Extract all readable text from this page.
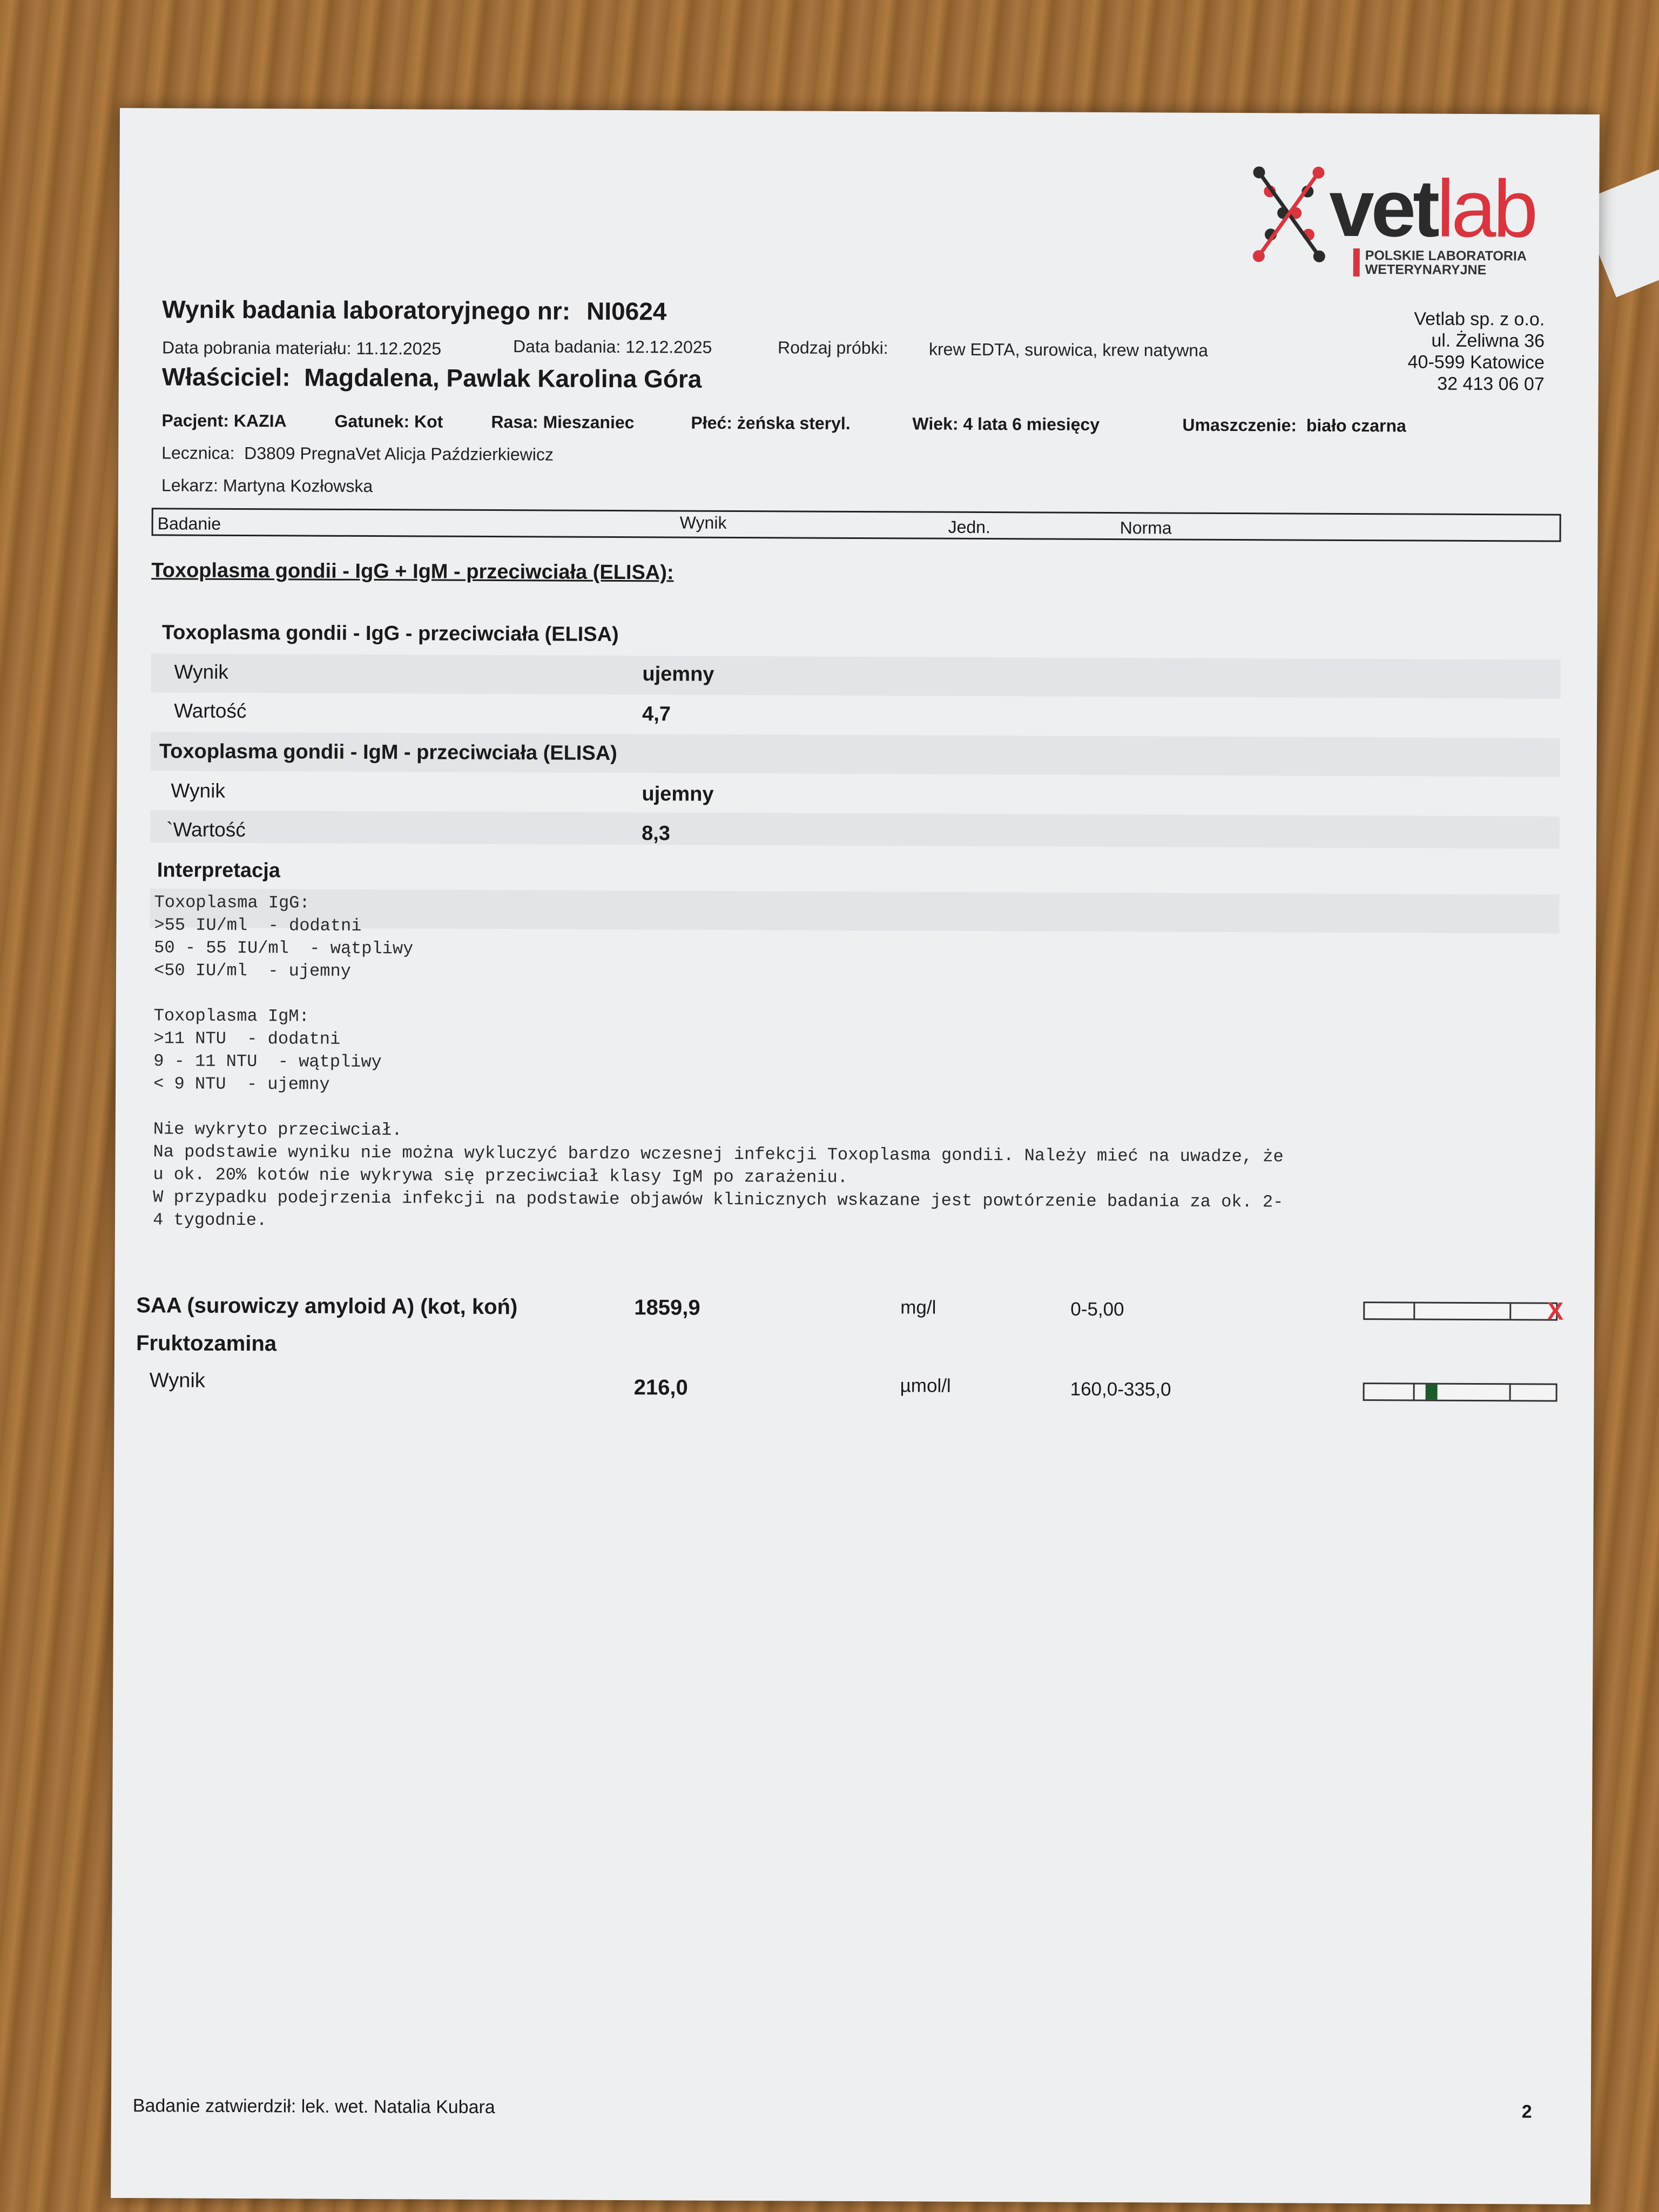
vetlab
POLSKIE LABORATORIA
WETERYNARYJNE
Vetlab sp. z o.o.
ul. Żeliwna 36
40-599 Katowice
32 413 06 07
Wynik badania laboratoryjnego nr: NI0624
Data pobrania materiału: 11.12.2025	Data badania: 12.12.2025	Rodzaj próbki: krew EDTA, surowica, krew natywna
Właściciel: Magdalena, Pawlak Karolina Góra
Pacjent: KAZIA	Gatunek: Kot	Rasa: Mieszaniec	Płeć: żeńska steryl.	Wiek: 4 lata 6 miesięcy	Umaszczenie: biało czarna
Lecznica: D3809 PregnaVet Alicja Paździerkiewicz
Lekarz: Martyna Kozłowska
Badanie	Wynik	Jedn.	Norma
Toxoplasma gondii - IgG + IgM - przeciwciała (ELISA):
Toxoplasma gondii - IgG - przeciwciała (ELISA)
Wynik	ujemny
Wartość	4,7
Toxoplasma gondii - IgM - przeciwciała (ELISA)
Wynik	ujemny
`Wartość	8,3
Interpretacja
Toxoplasma IgG:
>55 IU/ml  - dodatni
50 - 55 IU/ml  - wątpliwy
<50 IU/ml  - ujemny

Toxoplasma IgM:
>11 NTU  - dodatni
9 - 11 NTU  - wątpliwy
< 9 NTU  - ujemny

Nie wykryto przeciwciał.
Na podstawie wyniku nie można wykluczyć bardzo wczesnej infekcji Toxoplasma gondii. Należy mieć na uwadze, że
u ok. 20% kotów nie wykrywa się przeciwciał klasy IgM po zarażeniu.
W przypadku podejrzenia infekcji na podstawie objawów klinicznych wskazane jest powtórzenie badania za ok. 2-
4 tygodnie.
SAA (surowiczy amyloid A) (kot, koń)	1859,9	mg/l	0-5,00	X
Fruktozamina
Wynik	216,0	µmol/l	160,0-335,0
Badanie zatwierdził: lek. wet. Natalia Kubara	2
